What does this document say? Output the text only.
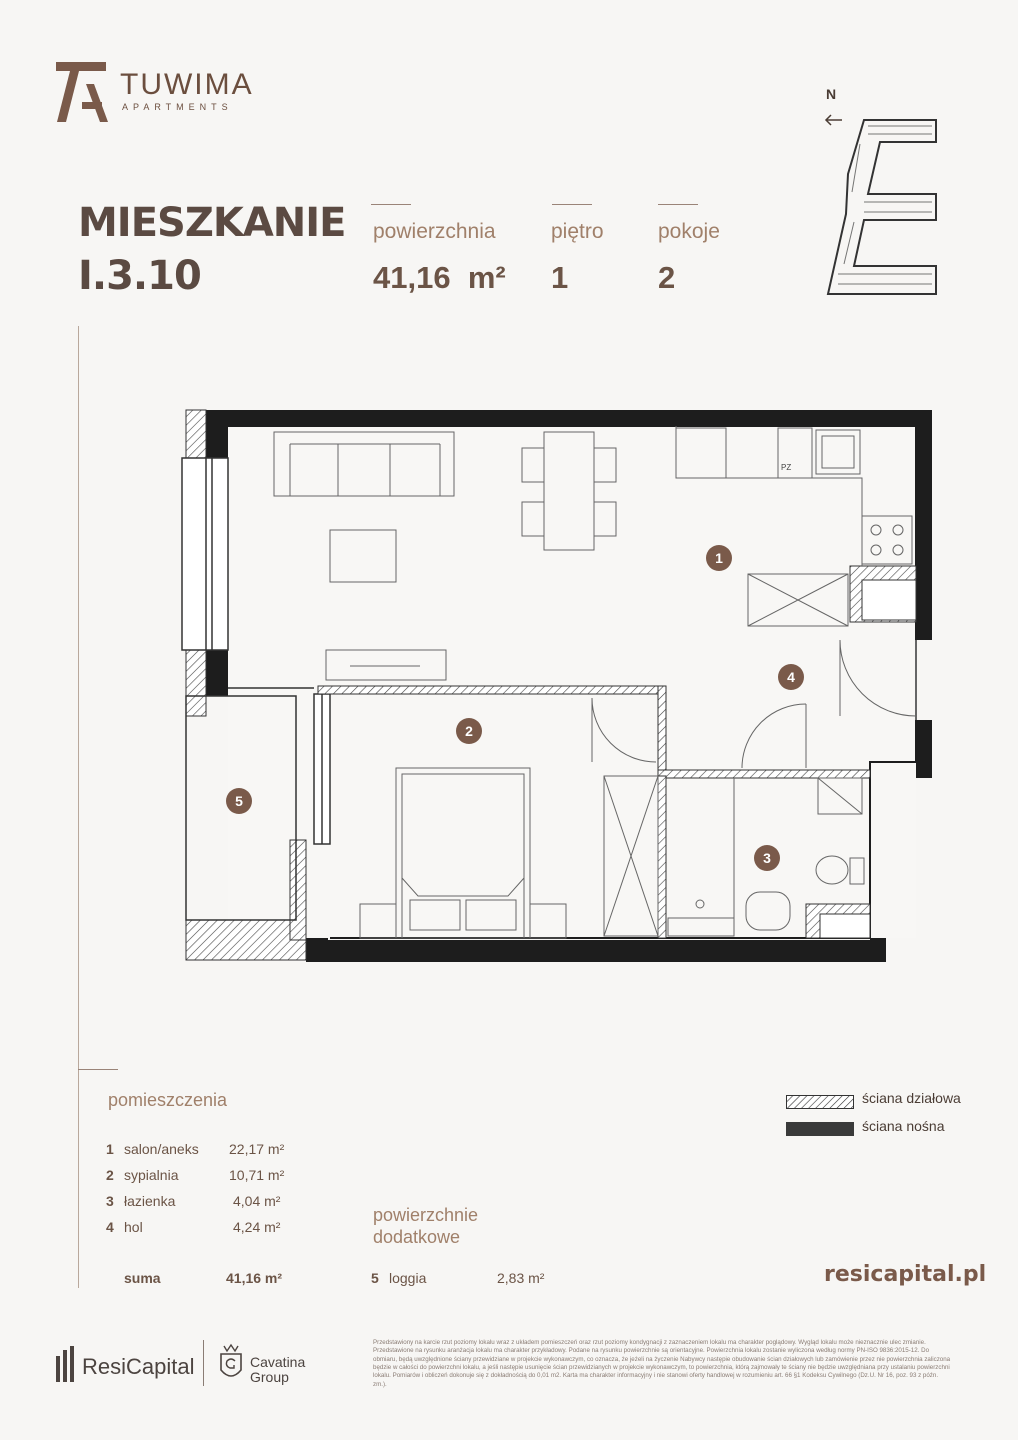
TUWIMA
APARTMENTS
MIESZKANIE
I.3.10
powierzchnia
41,16 m²
piętro
1
pokoje
2
N
PZ
1
2
3
4
5
pomieszczenia
1 salon/aneks 22,17 m²
2 sypialnia	10,71 m²
3 łazienka	4,04 m²
4 hol	4,24 m²
suma	41,16 m²
powierzchnie
dodatkowe
5 loggia	2,83 m²
ściana działowa
ściana nośna
resicapital.pl
ResiCapital	Cavatina
Group
Przedstawiony na karcie rzut poziomy lokalu wraz z układem pomieszczeń oraz rzut poziomy kondygnacji z zaznaczeniem lokalu ma charakter poglądowy. Wygląd lokalu może nieznacznie ulec zmianie. Przedstawione na rysunku aranżacja lokalu ma charakter przykładowy. Podane na rysunku powierzchnie są orientacyjne. Powierzchnia lokalu zostanie wyliczona według normy PN-ISO 9836:2015-12. Do obmiaru, będą uwzględnione ściany przewidziane w projekcie wykonawczym, co oznacza, że jeżeli na życzenie Nabywcy następie obudowanie ścian działowych lub zamówienie przez nie powierzchnia zaliczona będzie w całości do powierzchni lokalu, a jeśli następie usunięcie ścian przewidzianych w projekcie wykonawczym, to powierzchnia, którą zajmowały te ściany nie będzie uwzględniana przy ustalaniu powierzchni lokalu. Pomiarów i obliczeń dokonuje się z dokładnością do 0,01 m2. Karta ma charakter informacyjny i nie stanowi oferty handlowej w rozumieniu art. 66 §1 Kodeksu Cywilnego (Dz.U. Nr 16, poz. 93 z późn. zm.).
